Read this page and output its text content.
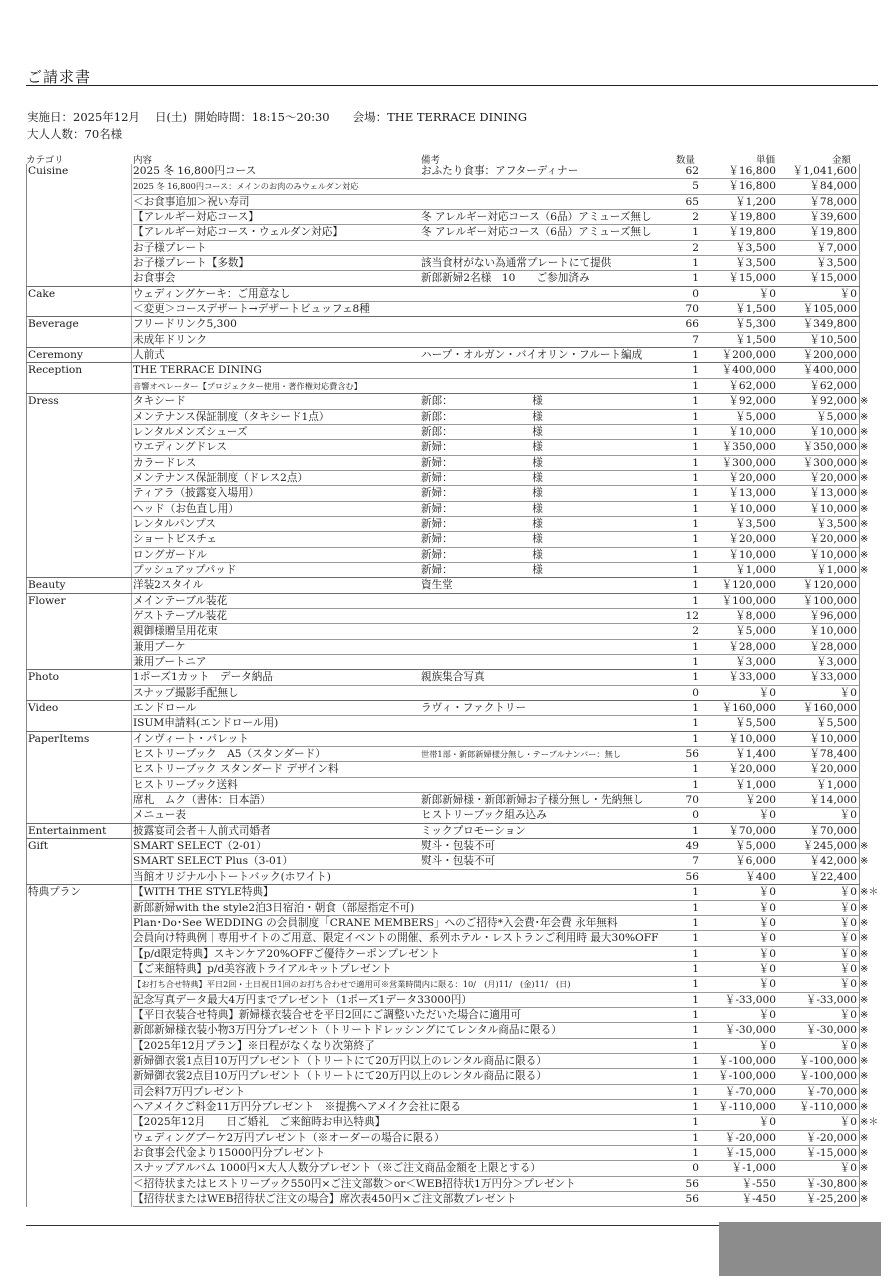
ご請求書
実施日：2025年12月　 日(土)  開始時間：18:15～20:30　　会場：THE TERRACE DINING
大人人数：70名様
カテゴリ	内容	備考	数量	単価	金額
Cuisine	2025 冬 16,800円コース	おふたり食事：アフターディナー	62	￥16,800	￥1,041,600
2025 冬 16,800円コース：メインのお肉のみウェルダン対応	5	￥16,800	￥84,000
＜お食事追加＞祝い寿司	65	￥1,200	￥78,000
【アレルギー対応コース】	冬 アレルギー対応コース（6品）アミューズ無し	2	￥19,800	￥39,600
【アレルギー対応コース・ウェルダン対応】	冬 アレルギー対応コース（6品）アミューズ無し	1	￥19,800	￥19,800
お子様プレート	2	￥3,500	￥7,000
お子様プレート【多数】	該当食材がない為通常プレートにて提供	1	￥3,500	￥3,500
お食事会	新郎新婦2名様　10　　ご参加済み	1	￥15,000	￥15,000
Cake	ウェディングケーキ：ご用意なし	0	￥0	￥0
＜変更＞コースデザート→デザートビュッフェ8種	70	￥1,500	￥105,000
Beverage	フリードリンク5,300	66	￥5,300	￥349,800
未成年ドリンク	7	￥1,500	￥10,500
Ceremony	人前式	ハープ・オルガン・バイオリン・フルート編成	1	￥200,000	￥200,000
Reception	THE TERRACE DINING	1	￥400,000	￥400,000
音響オペレーター【プロジェクター使用・著作権対応費含む】	1	￥62,000	￥62,000
Dress	タキシード	新郎：　　　　　　　　様	1	￥92,000	￥92,000 ※
メンテナンス保証制度（タキシード1点）	新郎：　　　　　　　　様	1	￥5,000	￥5,000 ※
レンタルメンズシューズ	新郎：　　　　　　　　様	1	￥10,000	￥10,000 ※
ウエディングドレス	新婦：　　　　　　　　様	1	￥350,000	￥350,000 ※
カラードレス	新婦：　　　　　　　　様	1	￥300,000	￥300,000 ※
メンテナンス保証制度（ドレス2点）	新婦：　　　　　　　　様	1	￥20,000	￥20,000 ※
ティアラ（披露宴入場用）	新婦：　　　　　　　　様	1	￥13,000	￥13,000 ※
ヘッド（お色直し用）	新婦：　　　　　　　　様	1	￥10,000	￥10,000 ※
レンタルパンプス	新婦：　　　　　　　　様	1	￥3,500	￥3,500 ※
ショートビスチェ	新婦：　　　　　　　　様	1	￥20,000	￥20,000 ※
ロングガードル	新婦：　　　　　　　　様	1	￥10,000	￥10,000 ※
プッシュアップパッド	新婦：　　　　　　　　様	1	￥1,000	￥1,000 ※
Beauty	洋装2スタイル	資生堂	1	￥120,000	￥120,000
Flower	メインテーブル装花	1	￥100,000	￥100,000
ゲストテーブル装花	12	￥8,000	￥96,000
親御様贈呈用花束	2	￥5,000	￥10,000
兼用ブーケ	1	￥28,000	￥28,000
兼用ブートニア	1	￥3,000	￥3,000
Photo	1ポーズ1カット　データ納品	親族集合写真	1	￥33,000	￥33,000
スナップ撮影手配無し	0	￥0	￥0
Video	エンドロール	ラヴィ・ファクトリー	1	￥160,000	￥160,000
ISUM申請料(エンドロール用)	1	￥5,500	￥5,500
PaperItems	インヴィート・パレット	1	￥10,000	￥10,000
ヒストリーブック　A5（スタンダード）	世帯1部・新郎新婦様分無し・テーブルナンバー：無し	56	￥1,400	￥78,400
ヒストリーブック スタンダード デザイン料	1	￥20,000	￥20,000
ヒストリーブック送料	1	￥1,000	￥1,000
席札　ムク（書体：日本語）	新郎新婦様・新郎新婦お子様分無し・先納無し	70	￥200	￥14,000
メニュー表	ヒストリーブック組み込み	0	￥0	￥0
Entertainment	披露宴司会者＋人前式司婚者	ミックプロモーション	1	￥70,000	￥70,000
Gift	SMART SELECT（2-01）	熨斗・包装不可	49	￥5,000	￥245,000 ※
SMART SELECT Plus（3-01）	熨斗・包装不可	7	￥6,000	￥42,000 ※
当館オリジナル小トートバック(ホワイト)	56	￥400	￥22,400
特典プラン	【WITH THE STYLE特典】	1	￥0	￥0 ※＊
新郎新婦with the style2泊3日宿泊・朝食（部屋指定不可)	1	￥0	￥0 ※
Plan･Do･See WEDDING の会員制度「CRANE MEMBERS」へのご招待*入会費･年会費 永年無料	1	￥0	￥0 ※
会員向け特典例｜専用サイトのご用意、限定イベントの開催、系列ホテル・レストランご利用時 最大30%OFF	1	￥0	￥0 ※
【p/d限定特典】スキンケア20%OFFご優待クーポンプレゼント	1	￥0	￥0 ※
【ご来館特典】p/d美容液トライアルキットプレゼント	1	￥0	￥0 ※
【お打ち合せ特典】平日2回・土日祝日1回のお打ち合わせで適用可※営業時間内に限る：10/　(月)11/　(金)11/　(日)	1	￥0	￥0 ※
記念写真データ最大4万円までプレゼント（1ポーズ1データ33000円）	1	￥-33,000	￥-33,000 ※
【平日衣装合せ特典】新婦様衣装合せを平日2回にご調整いただいた場合に適用可	1	￥0	￥0 ※
新郎新婦様衣装小物3万円分プレゼント（トリートドレッシングにてレンタル商品に限る）	1	￥-30,000	￥-30,000 ※
【2025年12月プラン】※日程がなくなり次第終了	1	￥0	￥0 ※
新婦御衣裳1点目10万円プレゼント（トリートにて20万円以上のレンタル商品に限る）	1	￥-100,000	￥-100,000 ※
新婦御衣裳2点目10万円プレゼント（トリートにて20万円以上のレンタル商品に限る）	1	￥-100,000	￥-100,000 ※
司会料7万円プレゼント	1	￥-70,000	￥-70,000 ※
ヘアメイクご料金11万円分プレゼント　※提携ヘアメイク会社に限る	1	￥-110,000	￥-110,000 ※
【2025年12月　　日ご婚礼　ご来館時お申込特典】	1	￥0	￥0 ※＊
ウェディングブーケ2万円プレゼント（※オーダーの場合に限る）	1	￥-20,000	￥-20,000 ※
お食事会代金より15000円分プレゼント	1	￥-15,000	￥-15,000 ※
スナップアルバム 1000円×大人人数分プレゼント（※ご注文商品金額を上限とする）	0	￥-1,000	￥0 ※
＜招待状またはヒストリーブック550円×ご注文部数＞or＜WEB招待状1万円分＞プレゼント	56	￥-550	￥-30,800 ※
【招待状またはWEB招待状ご注文の場合】席次表450円×ご注文部数プレゼント	56	￥-450	￥-25,200 ※
